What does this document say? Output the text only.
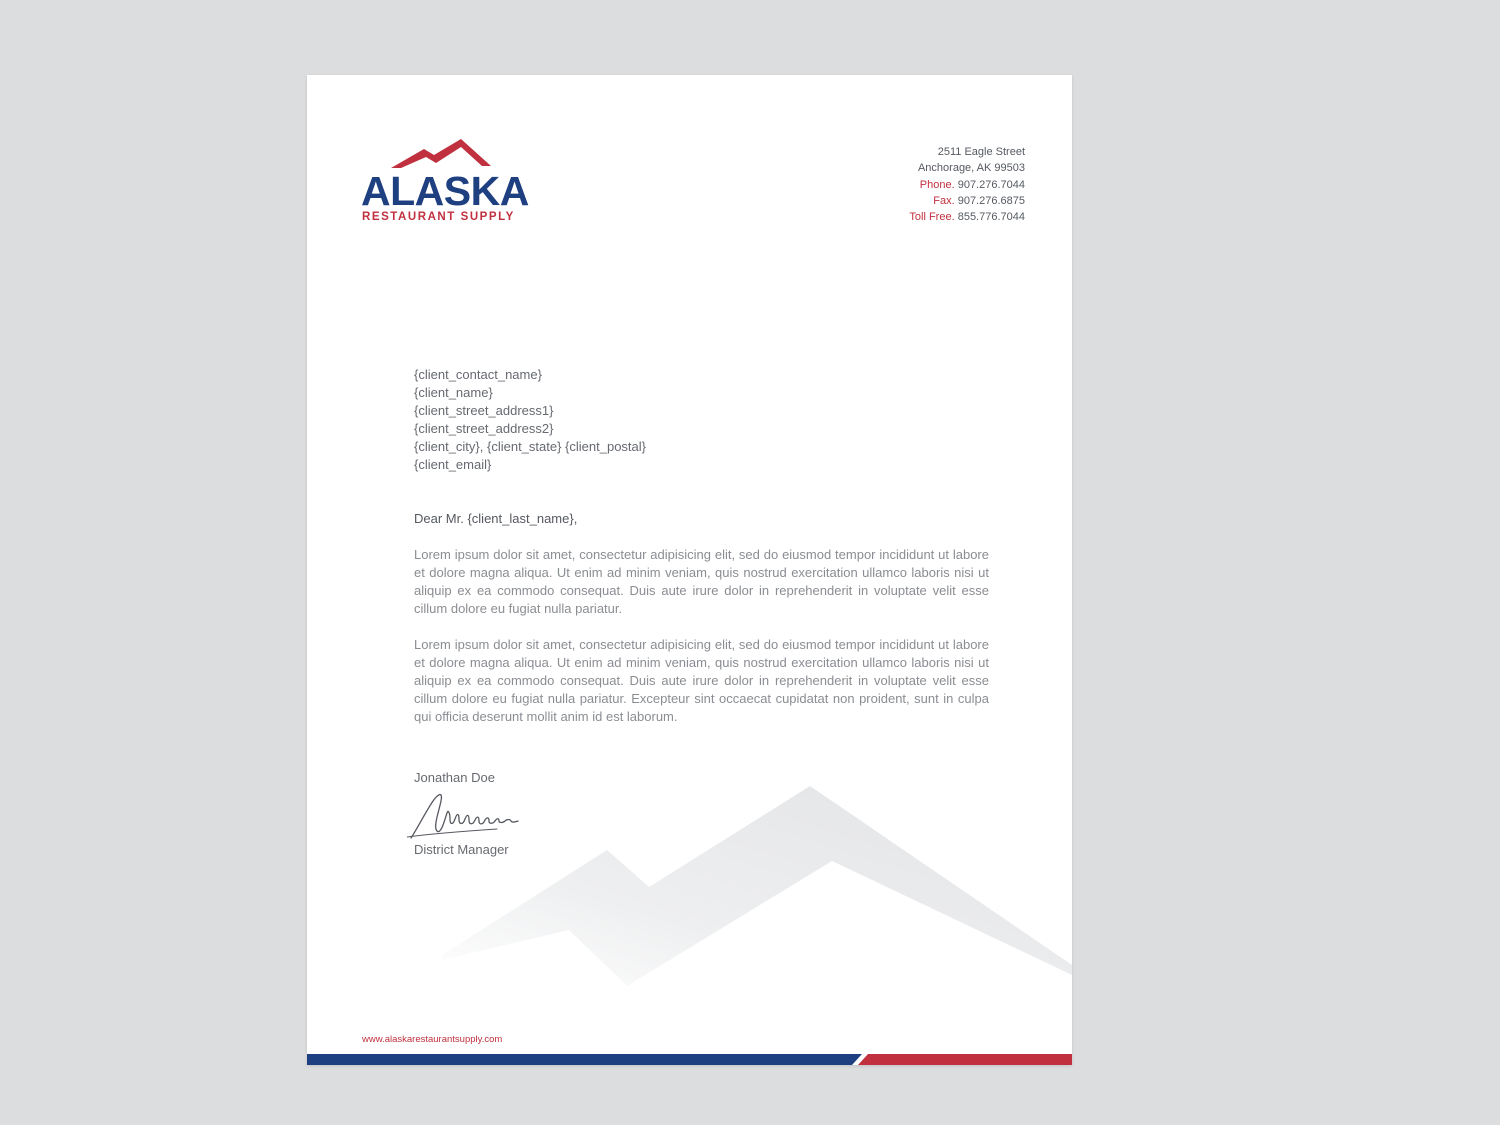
ALASKA
RESTAURANT SUPPLY
2511 Eagle Street
Anchorage, AK 99503
Phone. 907.276.7044
Fax. 907.276.6875
Toll Free. 855.776.7044
{client_contact_name}
{client_name}
{client_street_address1}
{client_street_address2}
{client_city}, {client_state} {client_postal}
{client_email}
Dear Mr. {client_last_name},
Lorem ipsum dolor sit amet, consectetur adipisicing elit, sed do eiusmod tempor incididunt ut labore et dolore magna aliqua. Ut enim ad minim veniam, quis nostrud exercitation ullamco laboris nisi ut aliquip ex ea commodo consequat. Duis aute irure dolor in reprehenderit in voluptate velit esse cillum dolore eu fugiat nulla pariatur.
Lorem ipsum dolor sit amet, consectetur adipisicing elit, sed do eiusmod tempor incididunt ut labore et dolore magna aliqua. Ut enim ad minim veniam, quis nostrud exercitation ullamco laboris nisi ut aliquip ex ea commodo consequat. Duis aute irure dolor in reprehenderit in voluptate velit esse cillum dolore eu fugiat nulla pariatur. Excepteur sint occaecat cupidatat non proident, sunt in culpa qui officia deserunt mollit anim id est laborum.
Jonathan Doe
District Manager
www.alaskarestaurantsupply.com
